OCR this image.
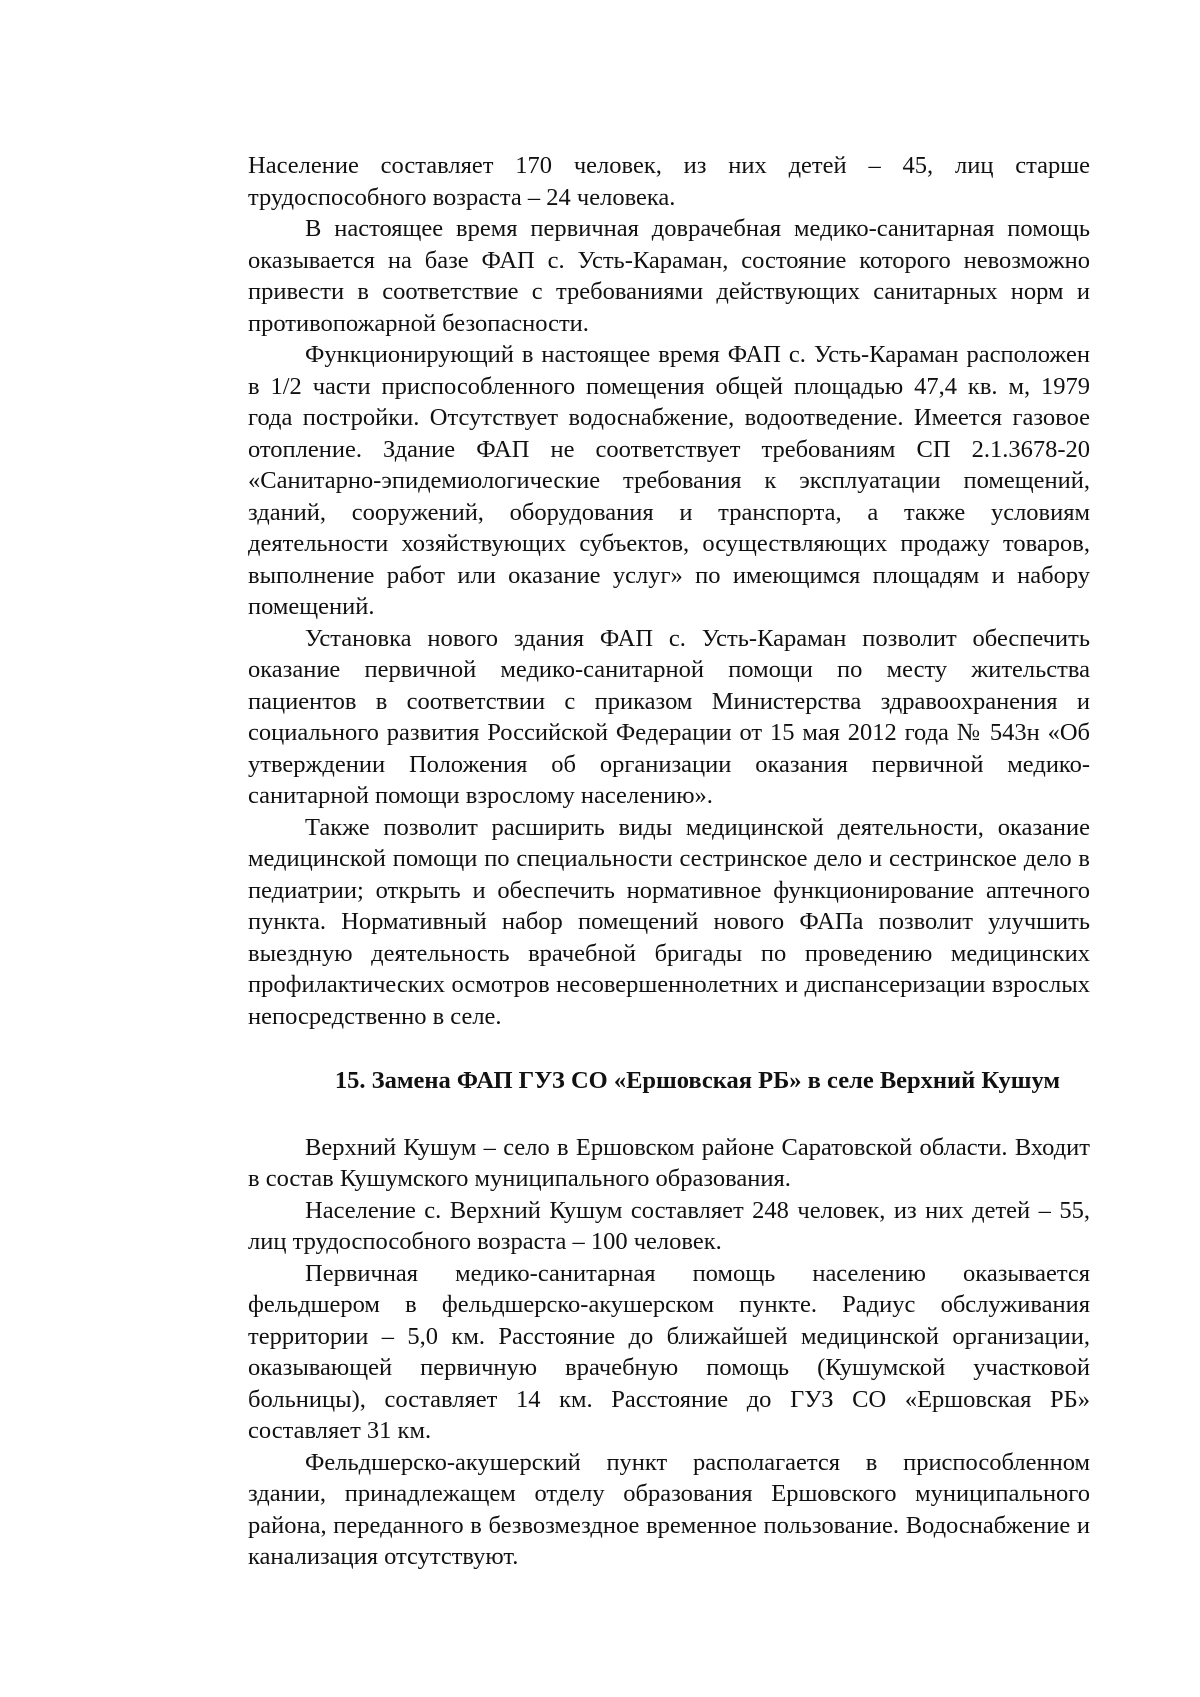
Население составляет 170 человек, из них детей – 45, лиц старше трудоспособного возраста – 24 человека.

В настоящее время первичная доврачебная медико-санитарная помощь оказывается на базе ФАП с. Усть-Караман, состояние которого невозможно привести в соответствие с требованиями действующих санитарных норм и противопожарной безопасности.

Функционирующий в настоящее время ФАП с. Усть-Караман расположен в 1/2 части приспособленного помещения общей площадью 47,4 кв. м, 1979 года постройки. Отсутствует водоснабжение, водоотведение. Имеется газовое отопление. Здание ФАП не соответствует требованиям СП 2.1.3678-20 «Санитарно-эпидемиологические требования к эксплуатации помещений, зданий, сооружений, оборудования и транспорта, а также условиям деятельности хозяйствующих субъектов, осуществляющих продажу товаров, выполнение работ или оказание услуг» по имеющимся площадям и набору помещений.

Установка нового здания ФАП с. Усть-Караман позволит обеспечить оказание первичной медико-санитарной помощи по месту жительства пациентов в соответствии с приказом Министерства здравоохранения и социального развития Российской Федерации от 15 мая 2012 года № 543н «Об утверждении Положения об организации оказания первичной медико-санитарной помощи взрослому населению».

Также позволит расширить виды медицинской деятельности, оказание медицинской помощи по специальности сестринское дело и сестринское дело в педиатрии; открыть и обеспечить нормативное функционирование аптечного пункта. Нормативный набор помещений нового ФАПа позволит улучшить выездную деятельность врачебной бригады по проведению медицинских профилактических осмотров несовершеннолетних и диспансеризации взрослых непосредственно в селе.

15. Замена ФАП ГУЗ СО «Ершовская РБ» в селе Верхний Кушум

Верхний Кушум – село в Ершовском районе Саратовской области. Входит в состав Кушумского муниципального образования.

Население с. Верхний Кушум составляет 248 человек, из них детей – 55, лиц трудоспособного возраста – 100 человек.

Первичная медико-санитарная помощь населению оказывается фельдшером в фельдшерско-акушерском пункте. Радиус обслуживания территории – 5,0 км. Расстояние до ближайшей медицинской организации, оказывающей первичную врачебную помощь (Кушумской участковой больницы), составляет 14 км. Расстояние до ГУЗ СО «Ершовская РБ» составляет 31 км.

Фельдшерско-акушерский пункт располагается в приспособленном здании, принадлежащем отделу образования Ершовского муниципального района, переданного в безвозмездное временное пользование. Водоснабжение и канализация отсутствуют.
